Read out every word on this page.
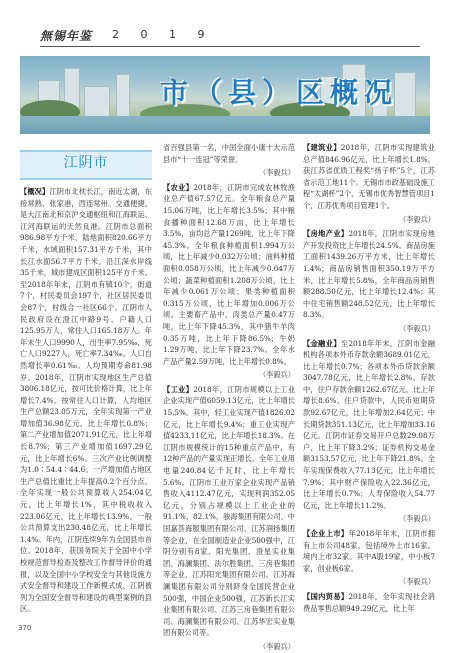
無锡年鉴 2 0 1 9
市（县）区概况
江阴市
【概况】江阴市北枕长江，南近太湖，东接常熟、张家港，西连常州。交通便捷，是大江南北和京沪交通枢纽和江海联运、江河海联运的天然良港。江阴市总面积986.98平方千米，陆地面积820.66平方千米，水域面积157.31平方千米，其中长江水面56.7平方千米。沿江深水岸线35千米，城市建成区面积125平方千米。至2018年年末，江阴市有镇10个，街道7个，村民委员会197个，社区居民委员会87个，村级合一社区66个。江阴市人民政府设在澄江中路9号。户籍人口125.95万人，常住人口165.18万人。年年末生人口9990人，出生率7.95‰，死亡人口9227人，死亡率7.34‰，人口自然增长率0.61‰。人均预期寿命81.98岁。2018年，江阴市实现地区生产总值3806.18亿元，按可比价格计算，比上年增长7.4%。按常住人口计算，人均地区生产总额23.05万元，全年实现第一产业增加值36.98亿元，比上年增长0.8%；第二产业增加值2071.91亿元，比上年增长8.7%；第三产业增加值1697.29亿元，比上年增长6%。三次产业比例调整为1.0∶54.4∶44.6。一产增加值占地区生产总值比重比上年提高0.2个百分点。全年实现一般公共预算收入254.04亿元，比上年增长1%，其中税收收入223.06亿元，比上年增长13.9%。一般公共预算支出230.48亿元，比上年增长1.4%。年内，江阴连续9年为全国县市首位。2018年，获国务院关于全国中小学校规范督导检查及整改工作督导评价的通报，以及全国中小学校安全与其他设施方式安全督导和建设工作新模式成，江阴被列为全国安全督导和建设的典型案例的县区。
省百强县第一名，中国全面小康十大示范县市“十一连冠”等荣誉。
（李毅兵）
【农业】2018年，江阴市完成农林牧渔业总产值67.57亿元。全年粮食总产量15.06万吨，比上年增长3.5%；其中粮食播种面积12.68万亩，比上年增长3.5%，亩均总产量1269吨，比上年下降45.3%。全年粮食种植面积1.994万公顷，比上年减少0.032万公顷；油料种植面积0.058万公顷，比上年减少0.047万公顷；蔬菜种植面积1.208万公顷，比上年减少0.061万公顷；果类种植面积0.315万公顷，比上年增加0.006万公顷。主要畜产品中，肉类总产量0.47万吨，比上年下降45.3%，其中猪牛羊肉0.35万吨，比上年下降86.5%；牛奶1.29万吨，比上年下降23.7%。全年水产品产量2.59万吨，比上年增长0.8%。
（李毅兵）
【工业】2018年，江阴市规模以上工业企业实现产值6059.13亿元，比上年增长15.5%。其中，轻工业实现产值1826.02亿元，比上年增长9.4%；重工业实现产值4233.11亿元，比上年增长18.3%。在江阴市规模统计的15种重点产品中，有12种产品的产量实现正增长。全年工业用电量240.84亿千瓦时，比上年增长5.6%。江阴市工业万家企业实现产品销售收入4112.47亿元，实现利润352.05亿元，分别占规模以上工业企业的91.1%、82.1%。骏海集团有限公司、中国嘉荟海服集团有限公司、江苏润扬集团等企业，在全国制造业企业500强中，江阴分别有8家、阳光集团、澄星实业集团、海澜集团、法尔胜集团、三房巷集团等企业，江苏阳光集团有限公司、江苏海澜集团有限公司分别跻身全国民营企业500强，中国企业500强，江苏新长江实业集团有限公司、江苏三房巷集团有限公司、海澜集团有限公司、江苏华宏实业集团有限公司等。
（李毅兵）
【建筑业】2018年，江阴市实现建筑业总产值846.96亿元，比上年增长1.8%。获江苏省优质工程奖“扬子杯”5个，江苏省示范工地11个。无锡市市政基础设施工程“太湖杯”2个，无锡市优秀智慧管项目1个，江苏优秀项目管理1个。
（李毅兵）
【房地产业】2018年，江阴市实现房地产开发投资比上年增长24.5%。商品房施工面积1439.26万平方米，比上年增长1.4%；商品房销售面积350.19万平方米，比上年增长5.8%，全年商品房销售额288.50亿元，比上年增长12.4%；其中住宅销售额248.52亿元，比上年增长8.3%。
（李毅兵）
【金融业】至2018年年末，江阴市金融机构各项本外币存款余额3689.01亿元，比上年增长0.7%；各项本外币贷款余额3047.78亿元，比上年增长2.8%。存款中，住户存款余额1262.67亿元，比上年增长8.6%。住户贷款中，人民币短期贷款92.67亿元，比上年增加2.64亿元；中长期贷款351.13亿元，比上年增加33.16亿元。江阴市证券交易开户总数29.08万户，比上年下降3.2%；证券机构交易金额3153.57亿元，比上年下降21.8%。全年实现保费收入77.13亿元，比上年增长7.9%；其中财产保险收入22.36亿元，比上年增长0.7%；人寿保险收入54.77亿元，比上年增长11.2%。
（李毅兵）
【企业上市】年2018年年末，江阴市拥有上市公司48家，包括境外上市16家，境内上市32家。其中A股19家，中小板7家，创业板6家。
（李毅兵）
【国内贸易】2018年，全年实现社会消费品零售总额949.29亿元，比上年
370
